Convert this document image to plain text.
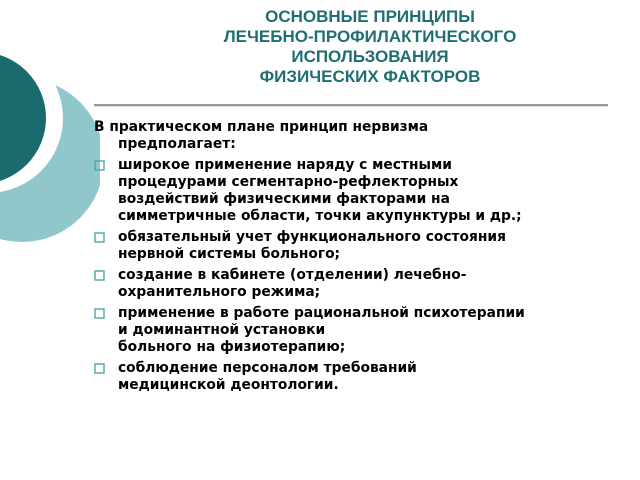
ОСНОВНЫЕ ПРИНЦИПЫ
ЛЕЧЕБНО-ПРОФИЛАКТИЧЕСКОГО
ИСПОЛЬЗОВАНИЯ
ФИЗИЧЕСКИХ ФАКТОРОВ

В практическом плане принцип нервизма
предполагает:

широкое применение наряду с местными
процедурами сегментарно-рефлекторных
воздействий физическими факторами на
симметричные области, точки акупунктуры и др.;
обязательный учет функционального состояния
нервной системы больного;
создание в кабинете (отделении) лечебно-
охранительного режима;
применение в работе рациональной психотерапии
и доминантной установки
больного на физиотерапию;
соблюдение персоналом требований
медицинской деонтологии.
